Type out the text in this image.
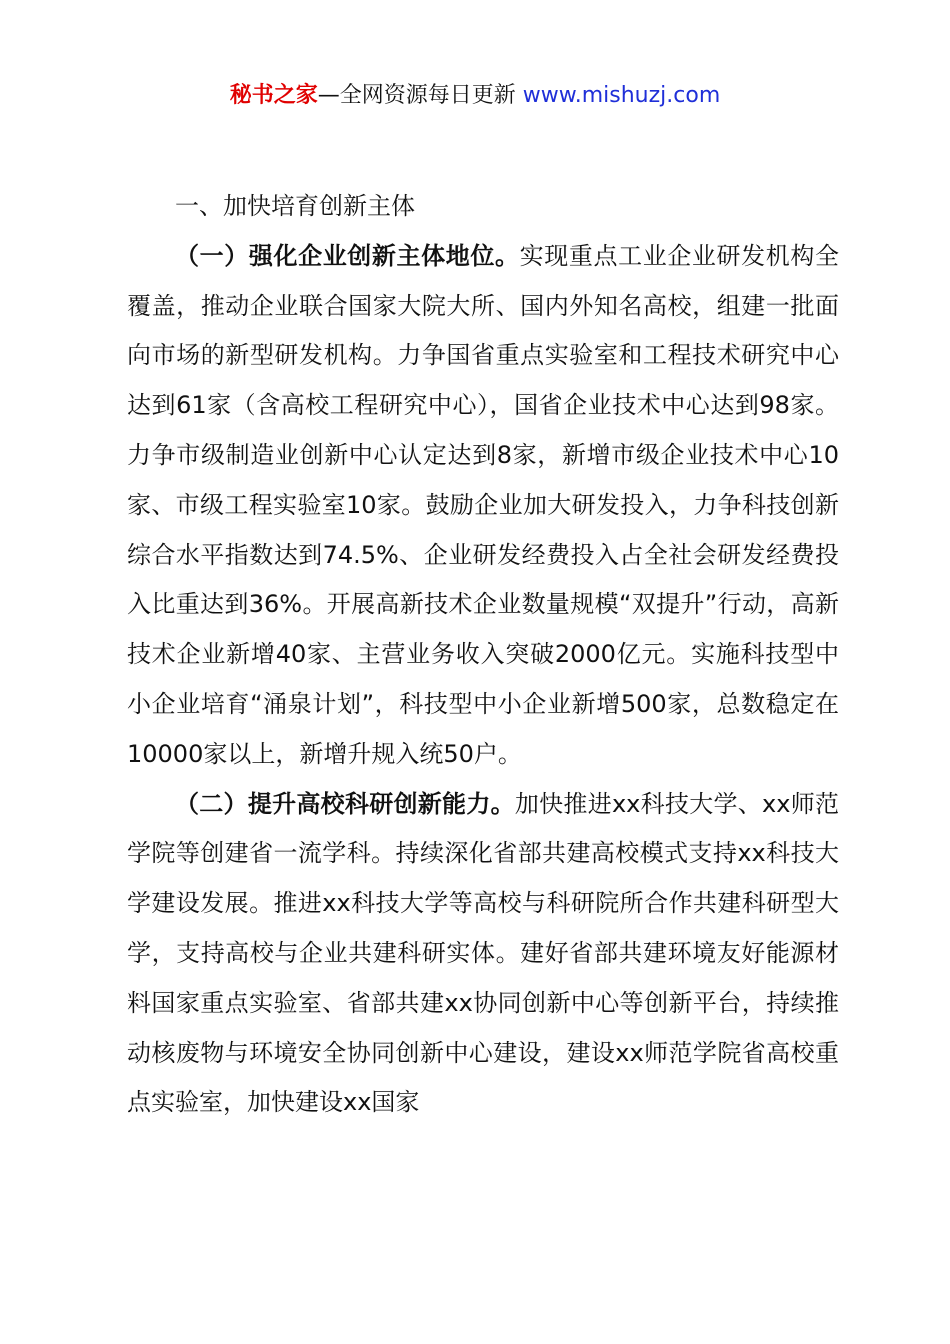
秘书之家—全网资源每日更新 www.mishuzj.com

一、加快培育创新主体

（一）强化企业创新主体地位。实现重点工业企业研发机构全覆盖，推动企业联合国家大院大所、国内外知名高校，组建一批面向市场的新型研发机构。力争国省重点实验室和工程技术研究中心达到61家（含高校工程研究中心），国省企业技术中心达到98家。力争市级制造业创新中心认定达到8家，新增市级企业技术中心10家、市级工程实验室10家。鼓励企业加大研发投入，力争科技创新综合水平指数达到74.5%、企业研发经费投入占全社会研发经费投入比重达到36%。开展高新技术企业数量规模“双提升”行动，高新技术企业新增40家、主营业务收入突破2000亿元。实施科技型中小企业培育“涌泉计划”，科技型中小企业新增500家，总数稳定在10000家以上，新增升规入统50户。

（二）提升高校科研创新能力。加快推进xx科技大学、xx师范学院等创建省一流学科。持续深化省部共建高校模式支持xx科技大学建设发展。推进xx科技大学等高校与科研院所合作共建科研型大学，支持高校与企业共建科研实体。建好省部共建环境友好能源材料国家重点实验室、省部共建xx协同创新中心等创新平台，持续推动核废物与环境安全协同创新中心建设，建设xx师范学院省高校重点实验室，加快建设xx国家
